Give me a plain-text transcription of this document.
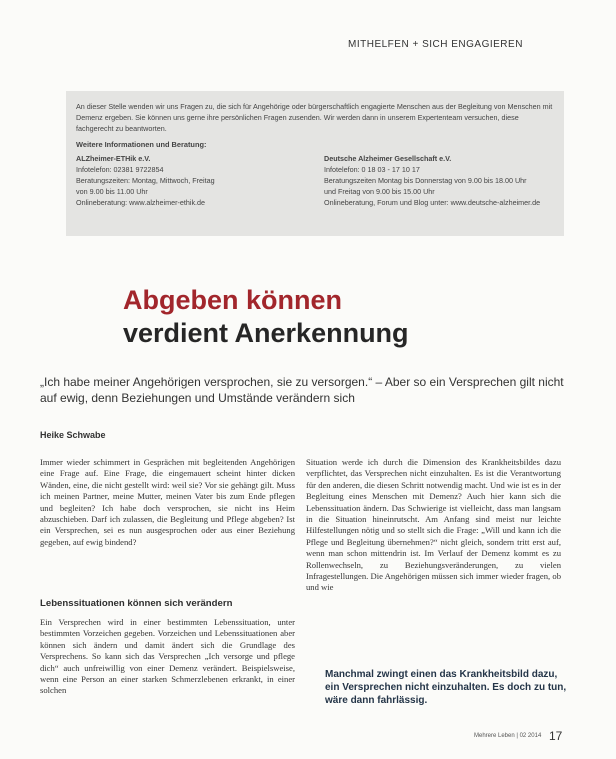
MITHELFEN + SICH ENGAGIEREN

An dieser Stelle wenden wir uns Fragen zu, die sich für Angehörige oder bürgerschaftlich engagierte Menschen aus der Begleitung von Menschen mit Demenz ergeben. Sie können uns gerne ihre persönlichen Fragen zusenden. Wir werden dann in unserem Expertenteam versuchen, diese fachgerecht zu beantworten.

Weitere Informationen und Beratung:
ALZheimer-ETHik e.V.
Infotelefon: 02381 9722854
Beratungszeiten: Montag, Mittwoch, Freitag
von 9.00 bis 11.00 Uhr
Onlineberatung: www.alzheimer-ethik.de
Deutsche Alzheimer Gesellschaft e.V.
Infotelefon: 0 18 03 - 17 10 17
Beratungszeiten Montag bis Donnerstag von 9.00 bis 18.00 Uhr
und Freitag von 9.00 bis 15.00 Uhr
Onlineberatung, Forum und Blog unter: www.deutsche-alzheimer.de
Abgeben können
verdient Anerkennung

„Ich habe meiner Angehörigen versprochen, sie zu versorgen.“ – Aber so ein Versprechen gilt nicht auf ewig, denn Beziehungen und Umstände verändern sich

Heike Schwabe

Immer wieder schimmert in Gesprächen mit begleitenden Angehörigen eine Frage auf. Eine Frage, die eingemauert scheint hinter dicken Wänden, eine, die nicht gestellt wird: weil sie? Vor sie gehängt gilt. Muss ich meinen Partner, meine Mutter, meinen Vater bis zum Ende pflegen und begleiten? Ich habe doch versprochen, sie nicht ins Heim abzuschieben. Darf ich zulassen, die Begleitung und Pflege abgeben? Ist ein Versprechen, sei es nun ausgesprochen oder aus einer Beziehung gegeben, auf ewig bindend?

Lebenssituationen können sich verändern

Ein Versprechen wird in einer bestimmten Lebenssituation, unter bestimmten Vorzeichen gegeben. Vorzeichen und Lebenssituationen aber können sich ändern und damit ändert sich die Grundlage des Versprechens. So kann sich das Versprechen „Ich versorge und pflege dich“ auch unfreiwillig von einer Demenz verändert. Beispielsweise, wenn eine Person an einer starken Schmerzlebenen erkrankt, in einer solchen

Situation werde ich durch die Dimension des Krankheitsbildes dazu verpflichtet, das Versprechen nicht einzuhalten. Es ist die Verantwortung für den anderen, die diesen Schritt notwendig macht. Und wie ist es in der Begleitung eines Menschen mit Demenz? Auch hier kann sich die Lebenssituation ändern. Das Schwierige ist vielleicht, dass man langsam in die Situation hineinrutscht. Am Anfang sind meist nur leichte Hilfestellungen nötig und so stellt sich die Frage: „Will und kann ich die Pflege und Begleitung übernehmen?“ nicht gleich, sondern tritt erst auf, wenn man schon mittendrin ist. Im Verlauf der Demenz kommt es zu Rollenwechseln, zu Beziehungsveränderungen, zu vielen Infragestellungen. Die Angehörigen müssen sich immer wieder fragen, ob und wie

Manchmal zwingt einen das Krankheitsbild dazu, ein Versprechen nicht einzuhalten. Es doch zu tun, wäre dann fahrlässig.

Mehrere Leben | 02 2014 17
